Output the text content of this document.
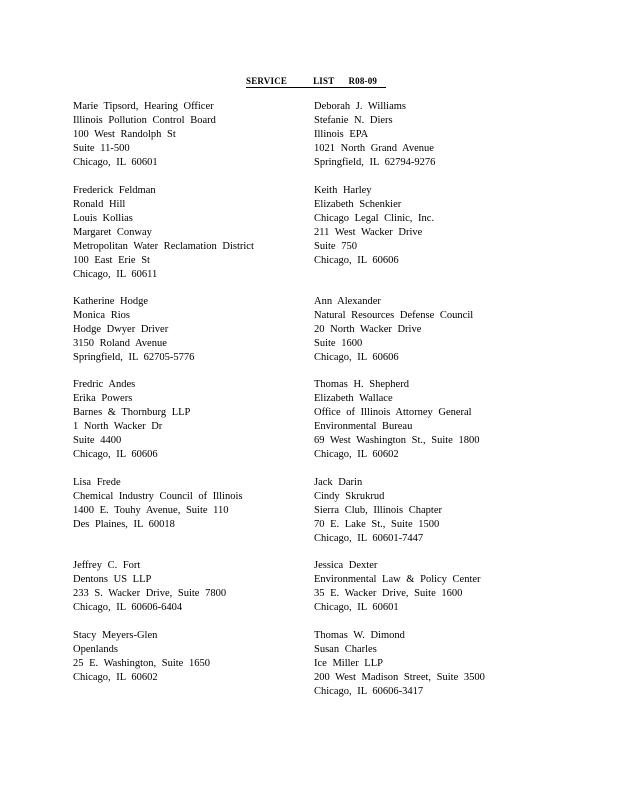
SERVICE	LIST R08-09
Marie Tipsord, Hearing Officer
Illinois Pollution Control Board
100 West Randolph St
Suite 11-500
Chicago, IL 60601
Frederick Feldman
Ronald Hill
Louis Kollias
Margaret Conway
Metropolitan Water Reclamation District
100 East Erie St
Chicago, IL 60611
Katherine Hodge
Monica Rios
Hodge Dwyer Driver
3150 Roland Avenue
Springfield, IL 62705-5776
Fredric Andes
Erika Powers
Barnes & Thornburg LLP
1 North Wacker Dr
Suite 4400
Chicago, IL 60606
Lisa Frede
Chemical Industry Council of Illinois
1400 E. Touhy Avenue, Suite 110
Des Plaines, IL 60018
Jeffrey C. Fort
Dentons US LLP
233 S. Wacker Drive, Suite 7800
Chicago, IL 60606-6404
Stacy Meyers-Glen
Openlands
25 E. Washington, Suite 1650
Chicago, IL 60602
Deborah J. Williams
Stefanie N. Diers
Illinois EPA
1021 North Grand Avenue
Springfield, IL 62794-9276
Keith Harley
Elizabeth Schenkier
Chicago Legal Clinic, Inc.
211 West Wacker Drive
Suite 750
Chicago, IL 60606
Ann Alexander
Natural Resources Defense Council
20 North Wacker Drive
Suite 1600
Chicago, IL 60606
Thomas H. Shepherd
Elizabeth Wallace
Office of Illinois Attorney General
Environmental Bureau
69 West Washington St., Suite 1800
Chicago, IL 60602
Jack Darin
Cindy Skrukrud
Sierra Club, Illinois Chapter
70 E. Lake St., Suite 1500
Chicago, IL 60601-7447
Jessica Dexter
Environmental Law & Policy Center
35 E. Wacker Drive, Suite 1600
Chicago, IL 60601
Thomas W. Dimond
Susan Charles
Ice Miller LLP
200 West Madison Street, Suite 3500
Chicago, IL 60606-3417
